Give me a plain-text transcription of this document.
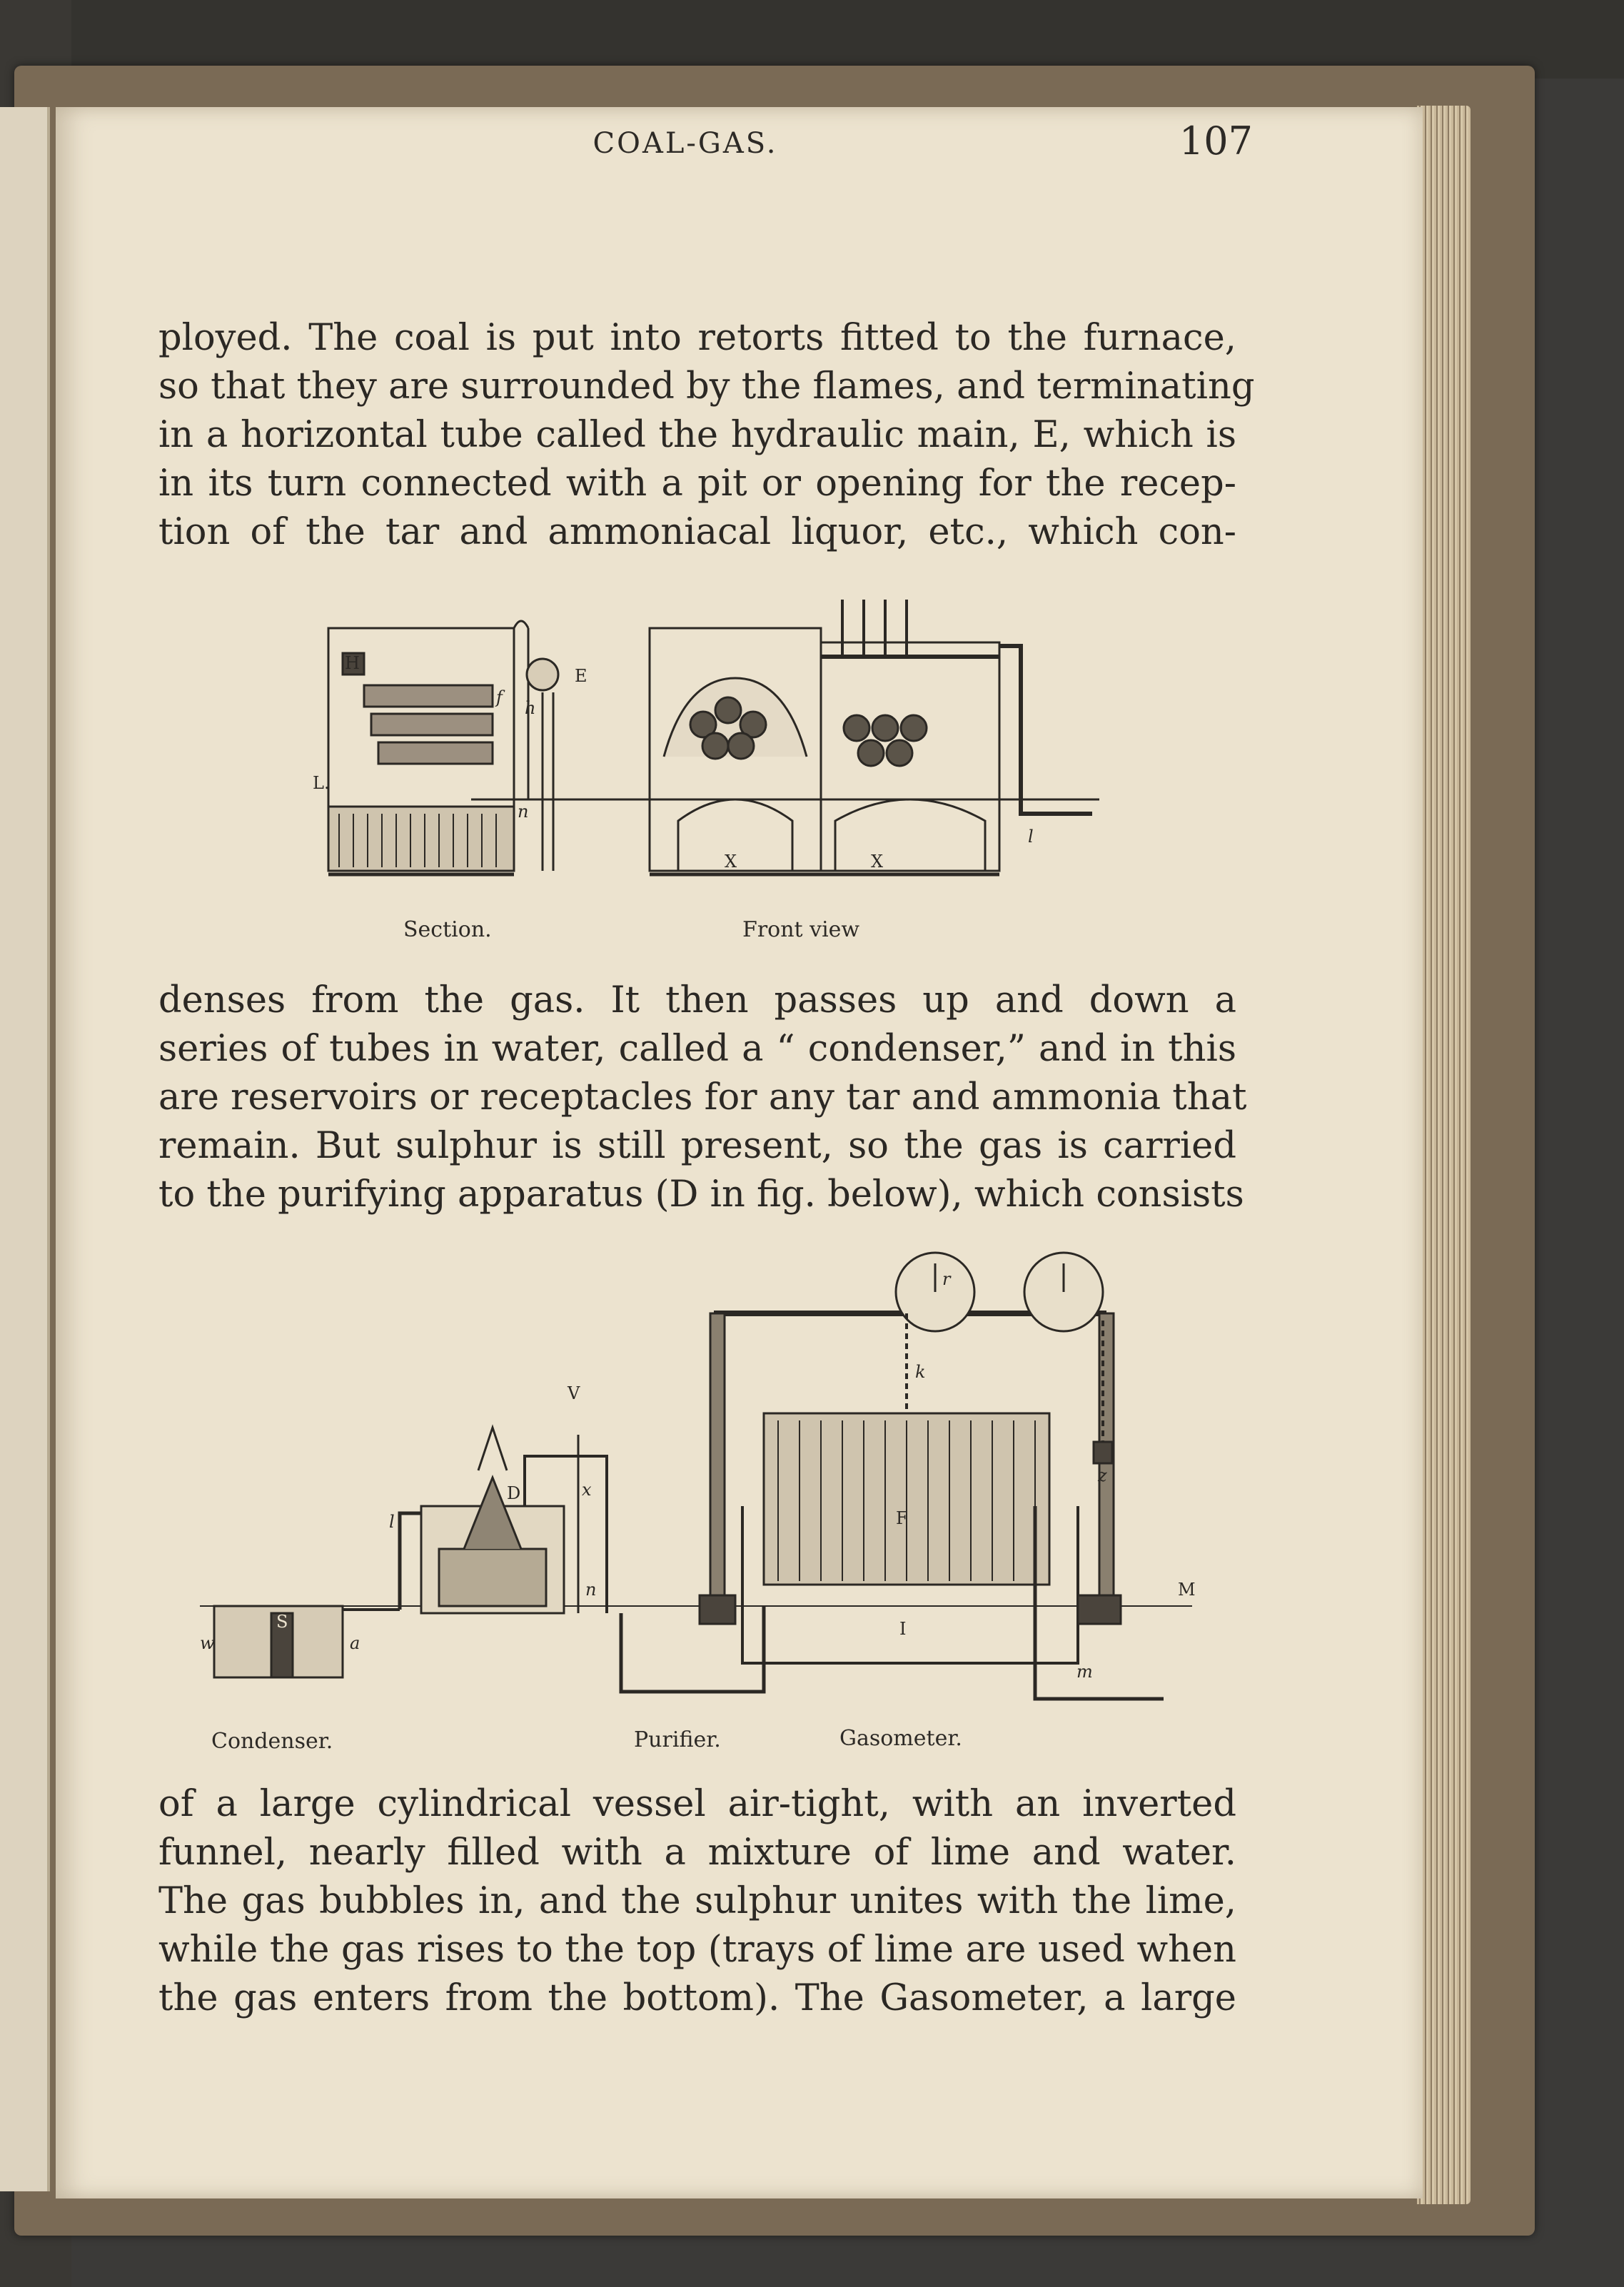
COAL-GAS.	107
ployed. The coal is put into retorts fitted to the furnace,
so that they are surrounded by the flames, and terminating
in a horizontal tube called the hydraulic main, E, which is
in its turn connected with a pit or opening for the recep-
tion of the tar and ammoniacal liquor, etc., which con-
H
E
f
h
L.
n
X	X
l
Section.	Front view
denses from the gas. It then passes up and down a
series of tubes in water, called a “ condenser,” and in this
are reservoirs or receptacles for any tar and ammonia that
remain. But sulphur is still present, so the gas is carried
to the purifying apparatus (D in fig. below), which consists
V
k
F
I
S
D
a
w
l
n
x
m
M
r
z
Condenser.	Purifier.	Gasometer.
of a large cylindrical vessel air-tight, with an inverted
funnel, nearly filled with a mixture of lime and water.
The gas bubbles in, and the sulphur unites with the lime,
while the gas rises to the top (trays of lime are used when
the gas enters from the bottom). The Gasometer, a large
